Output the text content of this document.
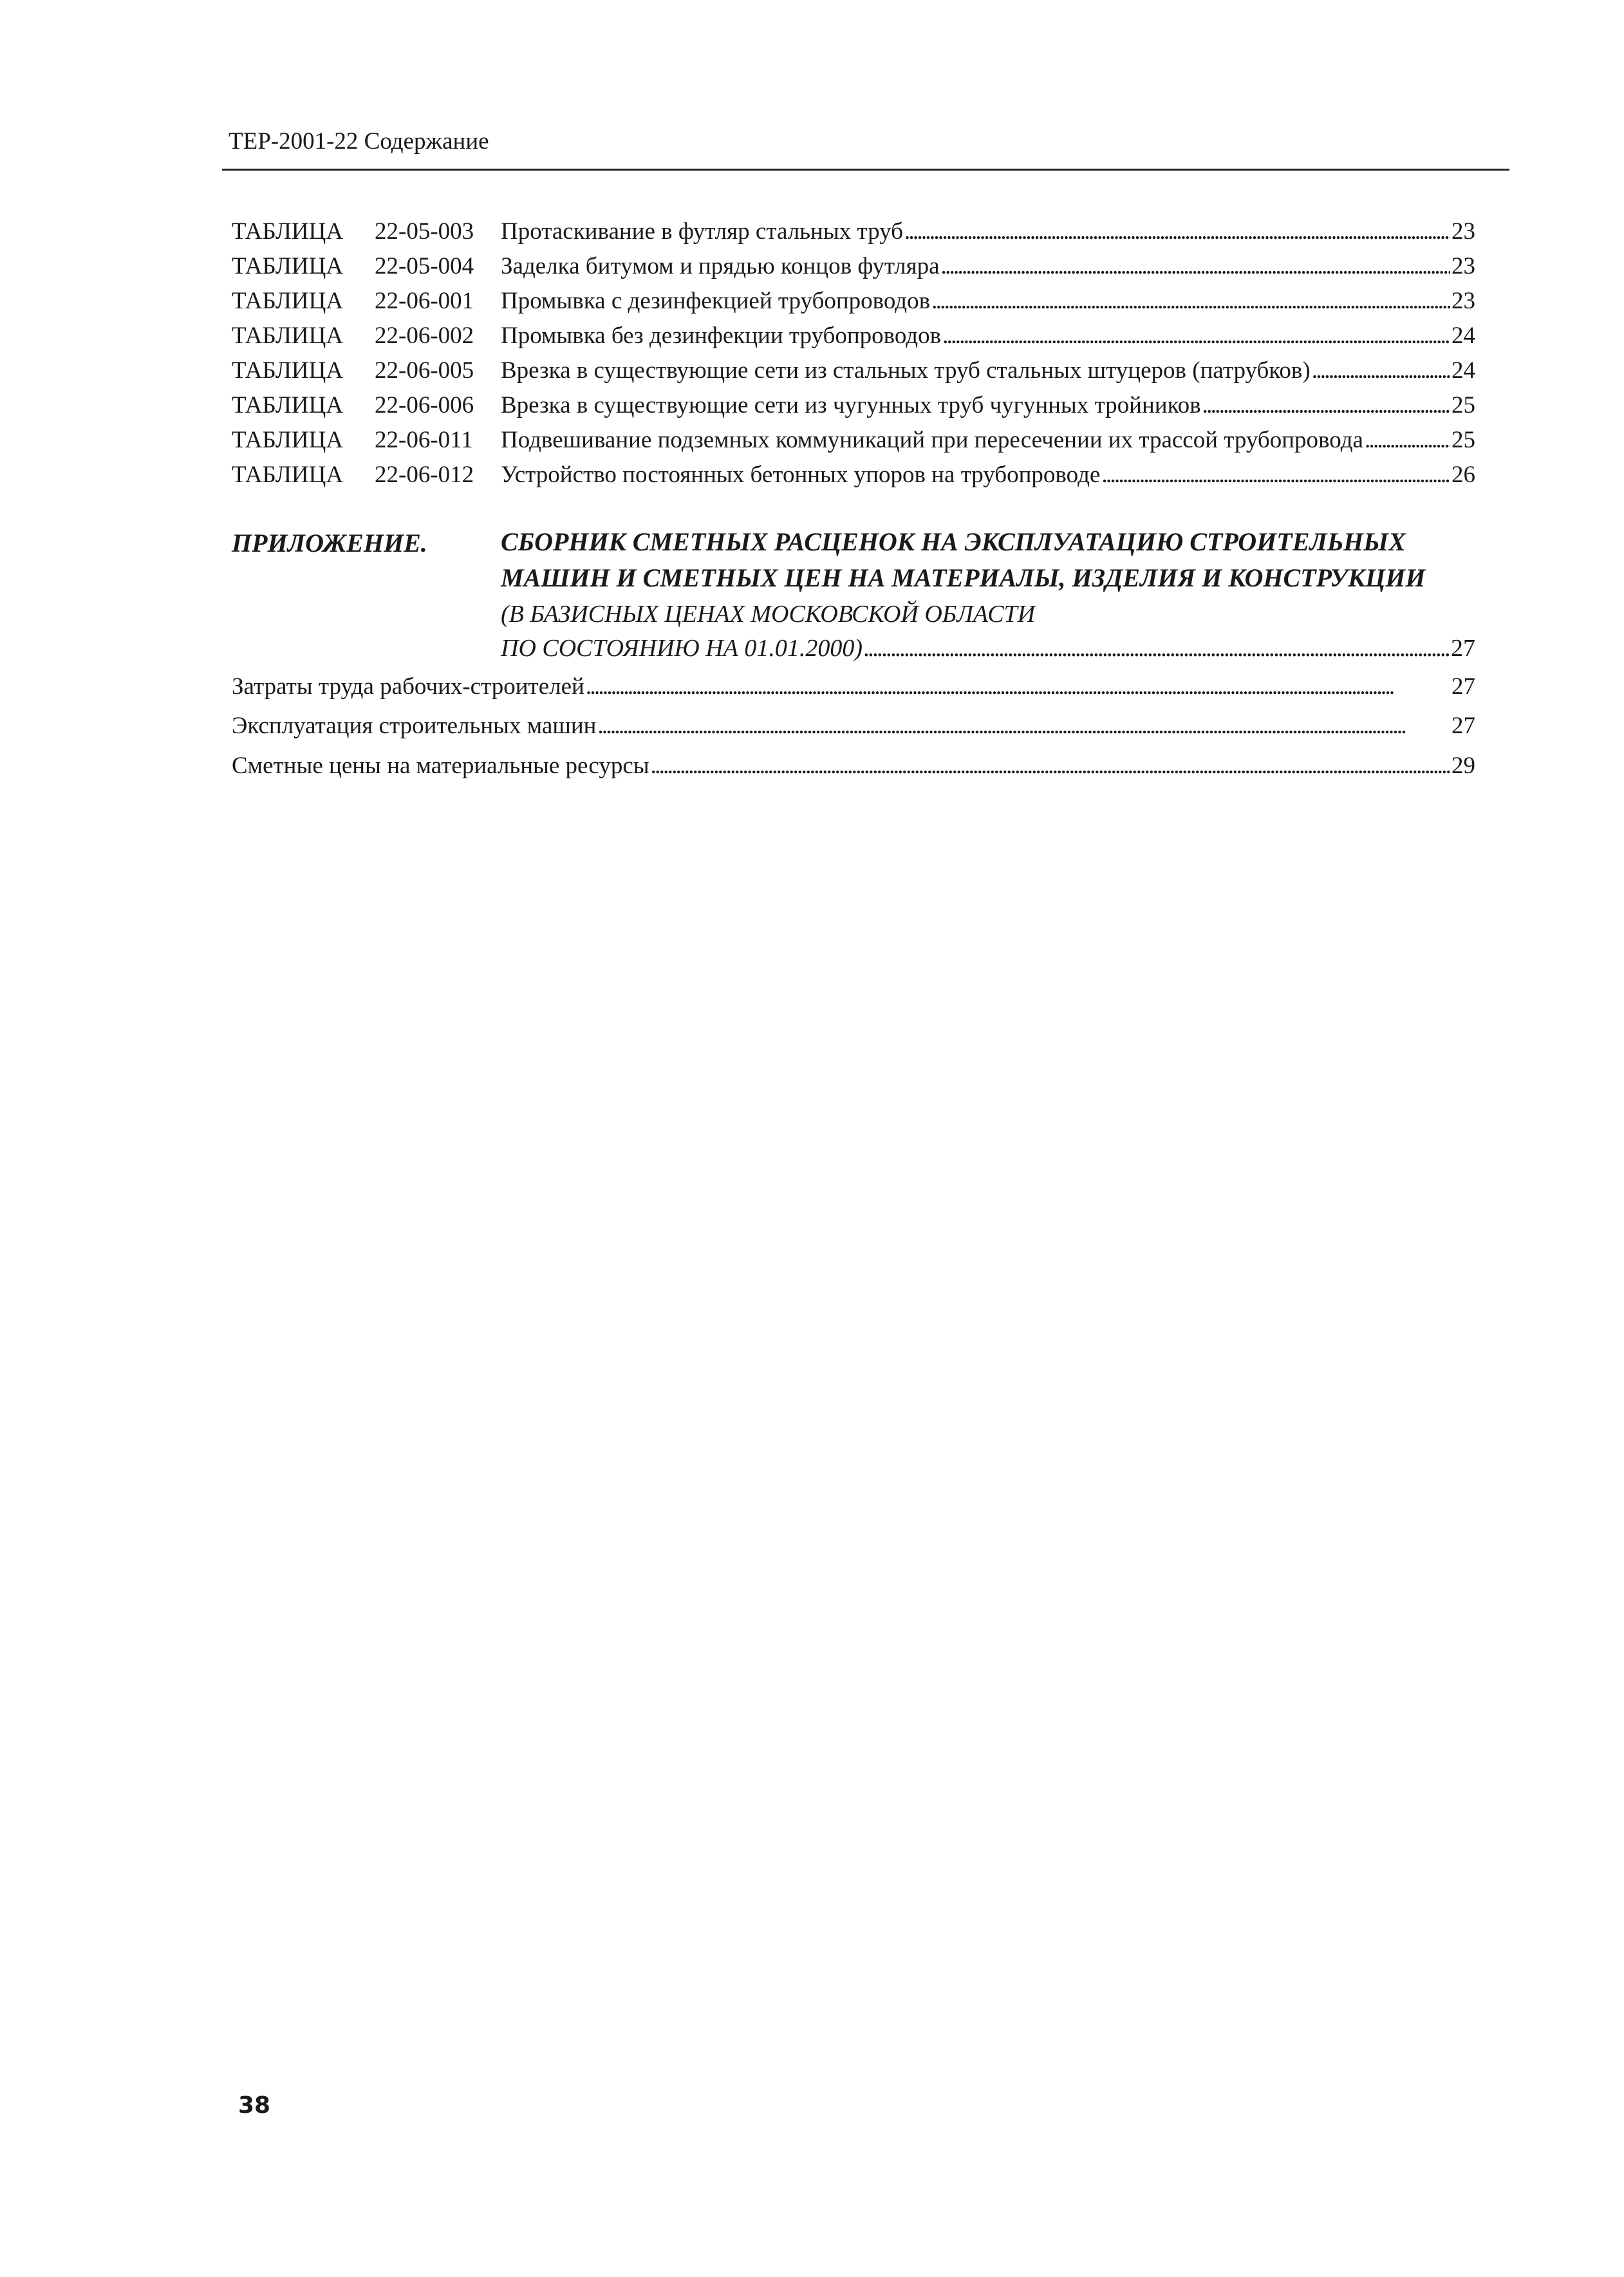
ТЕР-2001-22 Содержание
ТАБЛИЦА 22-05-003 Протаскивание в футляр стальных труб . . .	23
ТАБЛИЦА 22-05-004 Заделка битумом и прядью концов футляра . . .	23
ТАБЛИЦА 22-06-001 Промывка с дезинфекцией трубопроводов . . .	23
ТАБЛИЦА 22-06-002 Промывка без дезинфекции трубопроводов . . .	24
ТАБЛИЦА 22-06-005 Врезка в существующие сети из стальных труб стальных штуцеров (патрубков) . . .	24
ТАБЛИЦА 22-06-006 Врезка в существующие сети из чугунных труб чугунных тройников . . .	25
ТАБЛИЦА 22-06-011 Подвешивание подземных коммуникаций при пересечении их трассой трубопровода . . .	25
ТАБЛИЦА 22-06-012 Устройство постоянных бетонных упоров на трубопроводе . . .	26
ПРИЛОЖЕНИЕ.	СБОРНИК СМЕТНЫХ РАСЦЕНОК НА ЭКСПЛУАТАЦИЮ СТРОИТЕЛЬНЫХ
МАШИН И СМЕТНЫХ ЦЕН НА МАТЕРИАЛЫ, ИЗДЕЛИЯ И КОНСТРУКЦИИ
(В БАЗИСНЫХ ЦЕНАХ МОСКОВСКОЙ ОБЛАСТИ
ПО СОСТОЯНИЮ НА 01.01.2000) . . .	27
Затраты труда рабочих-строителей . . .	27
Эксплуатация строительных машин . . .	27
Сметные цены на материальные ресурсы . . .	29
38
